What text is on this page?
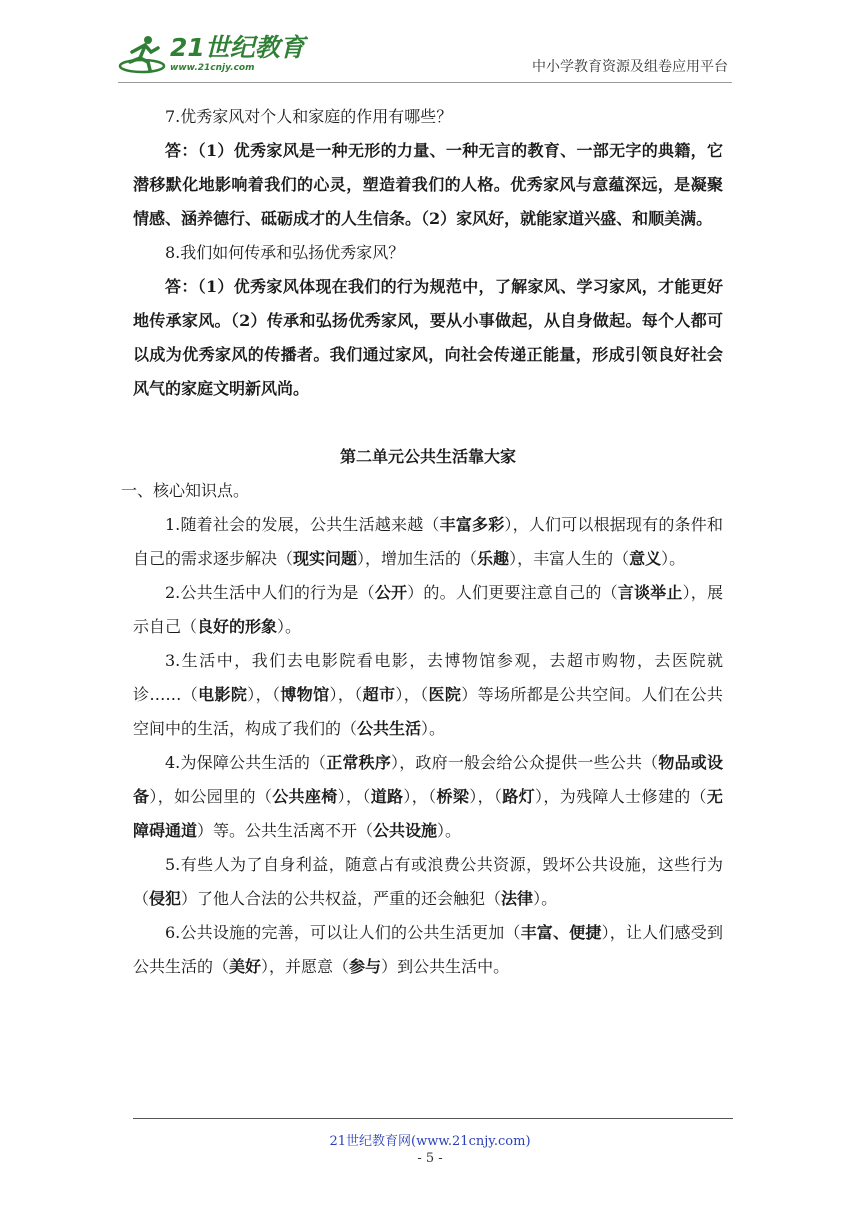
21世纪教育
www.21cnjy.com	中小学教育资源及组卷应用平台

7.优秀家风对个人和家庭的作用有哪些？

答：（1）优秀家风是一种无形的力量、一种无言的教育、一部无字的典籍，它潜移默化地影响着我们的心灵，塑造着我们的人格。优秀家风与意蕴深远，是凝聚情感、涵养德行、砥砺成才的人生信条。（2）家风好，就能家道兴盛、和顺美满。

8.我们如何传承和弘扬优秀家风？

答：（1）优秀家风体现在我们的行为规范中，了解家风、学习家风，才能更好地传承家风。（2）传承和弘扬优秀家风，要从小事做起，从自身做起。每个人都可以成为优秀家风的传播者。我们通过家风，向社会传递正能量，形成引领良好社会风气的家庭文明新风尚。

第二单元公共生活靠大家

一、核心知识点。

1.随着社会的发展，公共生活越来越（丰富多彩），人们可以根据现有的条件和自己的需求逐步解决（现实问题），增加生活的（乐趣），丰富人生的（意义）。

2.公共生活中人们的行为是（公开）的。人们更要注意自己的（言谈举止），展示自己（良好的形象）。

3.生活中，我们去电影院看电影，去博物馆参观，去超市购物，去医院就诊……（电影院），（博物馆），（超市），（医院）等场所都是公共空间。人们在公共空间中的生活，构成了我们的（公共生活）。

4.为保障公共生活的（正常秩序），政府一般会给公众提供一些公共（物品或设备），如公园里的（公共座椅），（道路），（桥梁），（路灯），为残障人士修建的（无障碍通道）等。公共生活离不开（公共设施）。

5.有些人为了自身利益，随意占有或浪费公共资源，毁坏公共设施，这些行为（侵犯）了他人合法的公共权益，严重的还会触犯（法律）。

6.公共设施的完善，可以让人们的公共生活更加（丰富、便捷），让人们感受到公共生活的（美好），并愿意（参与）到公共生活中。

21世纪教育网(www.21cnjy.com)
- 5 -
